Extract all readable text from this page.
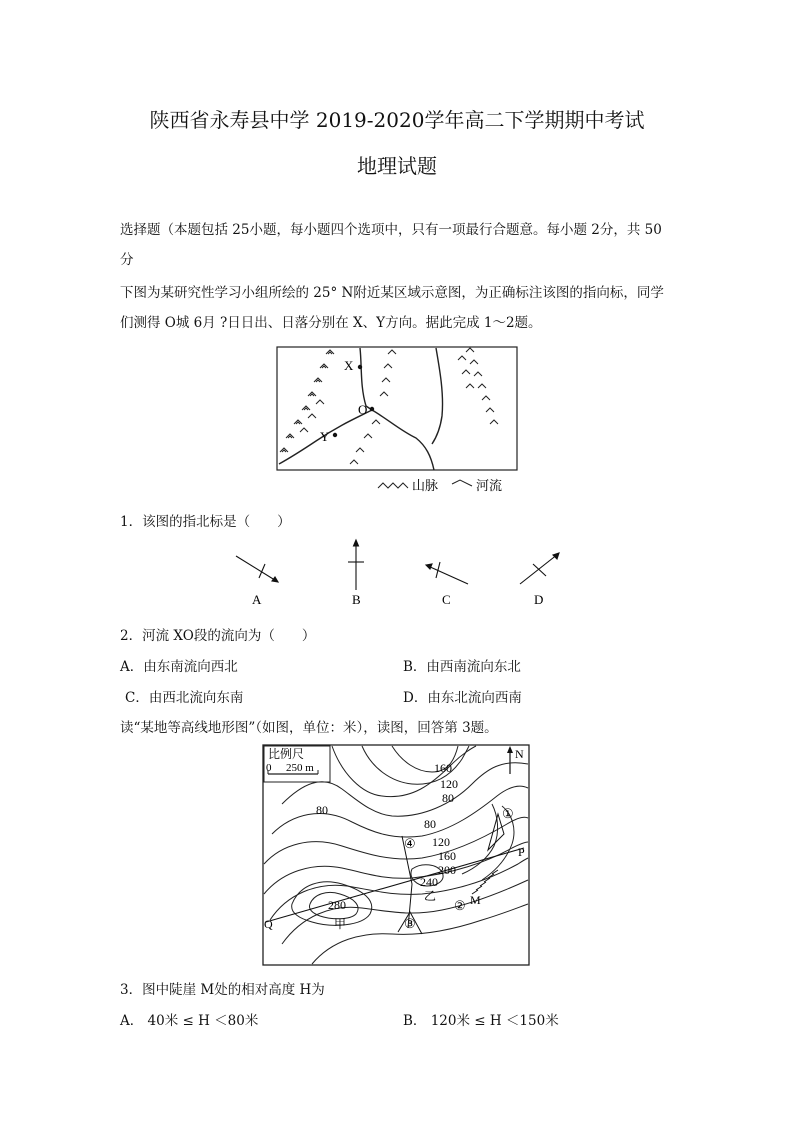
陕西省永寿县中学 2019-2020学年高二下学期期中考试
地理试题
选择题（本题包括 25小题，每小题四个选项中，只有一项最行合题意。每小题 2分，共 50
分
下图为某研究性学习小组所绘的 25° N附近某区域示意图，为正确标注该图的指向标，同学
们测得 O城 6月 ?日日出、日落分别在 X、Y方向。据此完成 1～2题。
X
O
Y
山脉	河流
1．该图的指北标是（　　）
A	B	C	D
2．河流 XO段的流向为（　　）
A．由东南流向西北	B．由西南流向东北
C．由西北流向东南	D．由东北流向西南
读“某地等高线地形图”（如图，单位：米），读图，回答第 3题。
比例尺
0 250 m
N
160
120
80
80
80
120
160
200
240
280
①
②
③
④
P
Q
M
甲
乙
3．图中陡崖 M处的相对高度 H为
A． 40米 ≤ H ＜80米	B． 120米 ≤ H ＜150米
